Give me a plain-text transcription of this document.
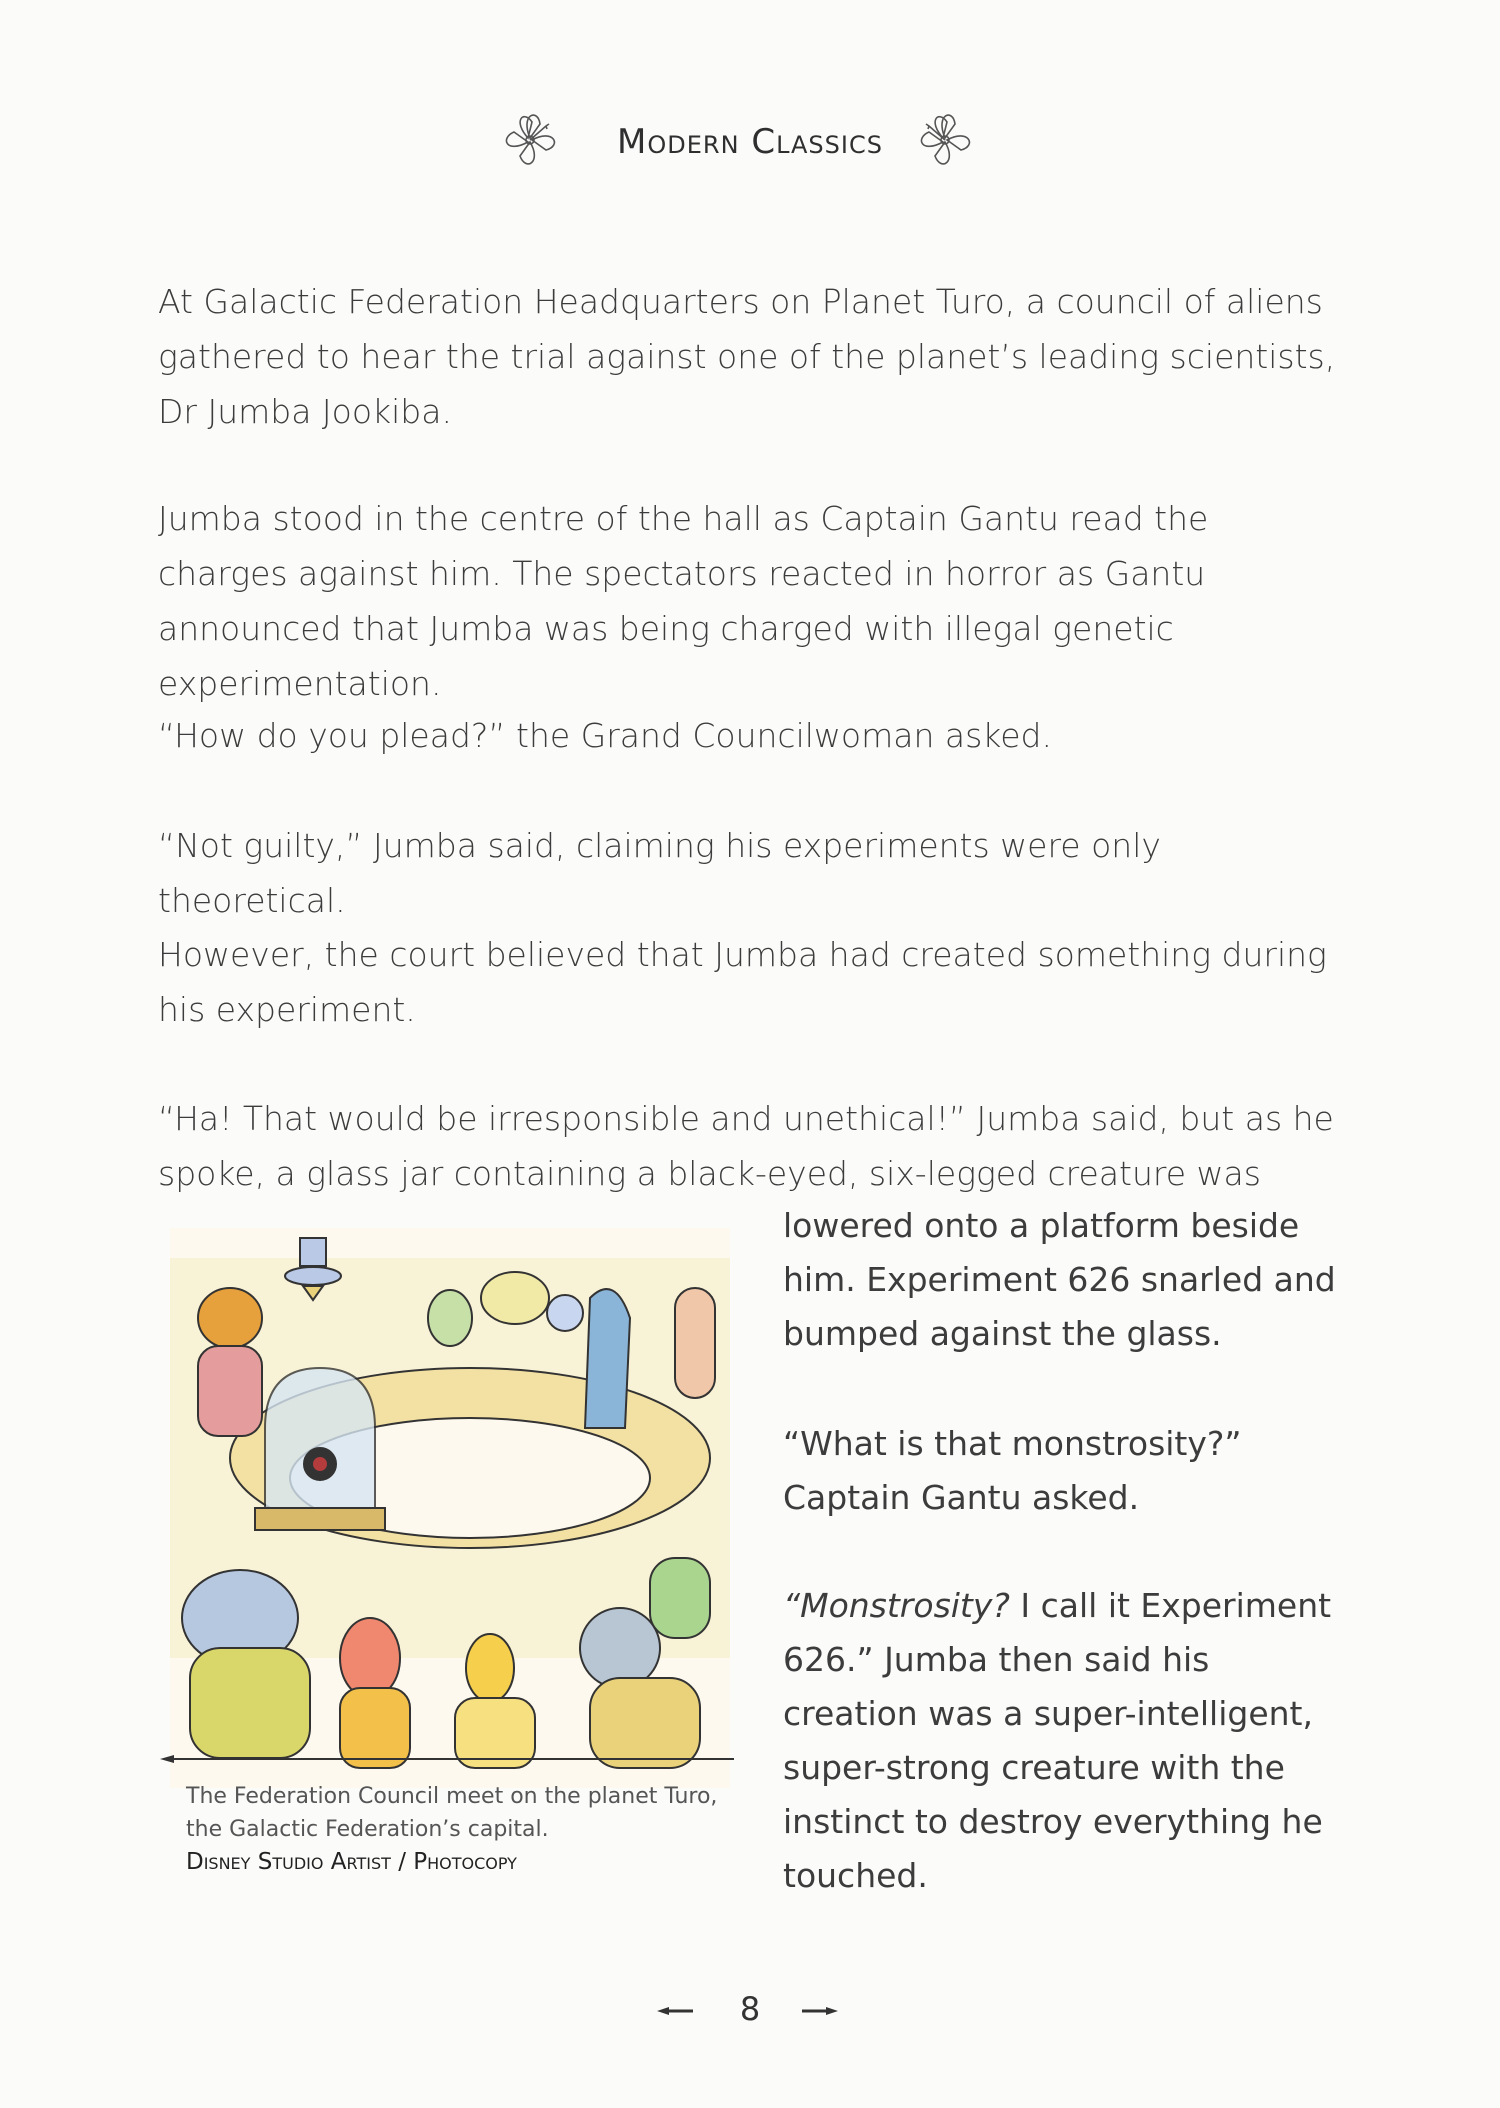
Modern Classics

At Galactic Federation Headquarters on Planet Turo, a council of aliens gathered to hear the trial against one of the planet’s leading scientists, Dr Jumba Jookiba.

Jumba stood in the centre of the hall as Captain Gantu read the charges against him. The spectators reacted in horror as Gantu announced that Jumba was being charged with illegal genetic experimentation.

“How do you plead?” the Grand Councilwoman asked.

“Not guilty,” Jumba said, claiming his experiments were only theoretical.

However, the court believed that Jumba had created something during his experiment.

“Ha! That would be irresponsible and unethical!” Jumba said, but as he spoke, a glass jar containing a black-eyed, six-legged creature was

lowered onto a platform beside him. Experiment 626 snarled and bumped against the glass.

“What is that monstrosity?” Captain Gantu asked.

“Monstrosity? I call it Experiment 626.” Jumba then said his creation was a super-intelligent, super-strong creature with the instinct to destroy everything he touched.

The Federation Council meet on the planet Turo, the Galactic Federation’s capital.
Disney Studio Artist / Photocopy
8
